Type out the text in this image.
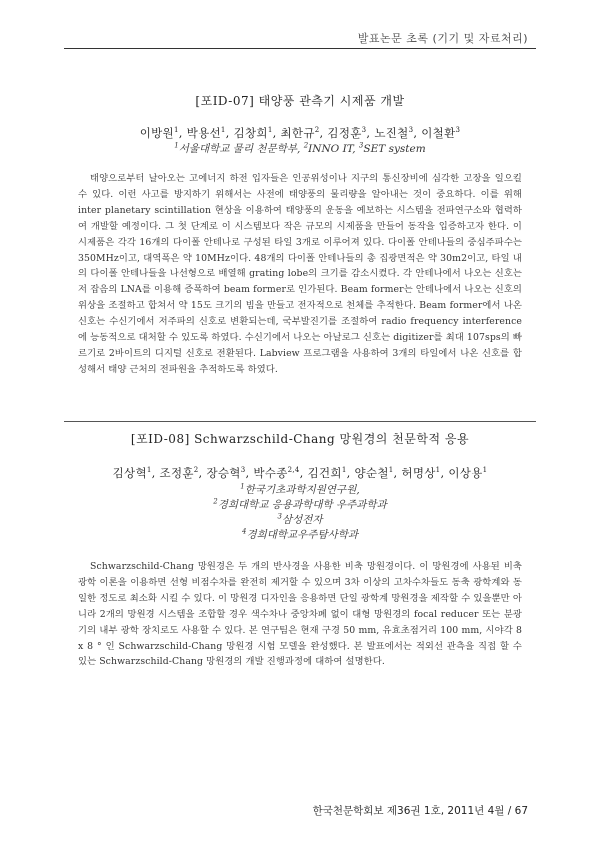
발표논문 초록 (기기 및 자료처리)
[포ID-07] 태양풍 관측기 시제품 개발
이방원$^1$, 박용선$^1$, 김창희$^1$, 최한규$^2$, 김정훈$^3$, 노진철$^3$, 이철환$^3$
$^1$서울대학교 물리 천문학부, $^2$INNO IT, $^3$SET system
태양으로부터 날아오는 고에너지 하전 입자들은 인공위성이나 지구의 통신장비에 심각한 고장을 일으킬 수 있다. 이런 사고를 방지하기 위해서는 사전에 태양풍의 물리량을 알아내는 것이 중요하다. 이를 위해 inter planetary scintillation 현상을 이용하여 태양풍의 운동을 예보하는 시스템을 전파연구소와 협력하여 개발할 예정이다. 그 첫 단계로 이 시스템보다 작은 규모의 시제품을 만들어 동작을 입증하고자 한다. 이 시제품은 각각 16개의 다이폴 안테나로 구성된 타일 3개로 이루어져 있다. 다이폴 안테나들의 중심주파수는 350MHz이고, 대역폭은 약 10MHz이다. 48개의 다이폴 안테나들의 총 집광면적은 약 30m2이고, 타일 내의 다이폴 안테나들을 나선형으로 배열해 grating lobe의 크기를 감소시켰다. 각 안테나에서 나오는 신호는 저 잡음의 LNA를 이용해 증폭하여 beam former로 인가된다. Beam former는 안테나에서 나오는 신호의 위상을 조절하고 합쳐서 약 15도 크기의 빔을 만들고 전자적으로 천체를 추적한다. Beam former에서 나온 신호는 수신기에서 저주파의 신호로 변환되는데, 국부발진기를 조절하여 radio frequency interference에 능동적으로 대처할 수 있도록 하였다. 수신기에서 나오는 아날로그 신호는 digitizer를 최대 107sps의 빠르기로 2바이트의 디지털 신호로 전환된다. Labview 프로그램을 사용하여 3개의 타일에서 나온 신호를 합성해서 태양 근처의 전파원을 추적하도록 하였다.
[포ID-08] Schwarzschild-Chang 망원경의 천문학적 응용
김상혁$^1$, 조정훈$^2$, 장승혁$^3$, 박수종$^{2,4}$, 김건희$^1$, 양순철$^1$, 허명상$^1$, 이상용$^1$
$^1$한국기초과학지원연구원,
$^2$경희대학교 응용과학대학 우주과학과
$^3$삼성전자
$^4$경희대학교우주탐사학과
Schwarzschild-Chang 망원경은 두 개의 반사경을 사용한 비축 망원경이다. 이 망원경에 사용된 비축 광학 이론을 이용하면 선형 비점수차를 완전히 제거할 수 있으며 3차 이상의 고차수차들도 동축 광학계와 동일한 정도로 최소화 시킬 수 있다. 이 망원경 디자인을 응용하면 단일 광학계 망원경을 제작할 수 있을뿐만 아니라 2개의 망원경 시스템을 조합할 경우 색수차나 중앙차폐 없이 대형 망원경의 focal reducer 또는 분광기의 내부 광학 장치로도 사용할 수 있다. 본 연구팀은 현재 구경 50 mm, 유효초점거리 100 mm, 시야각 8 x 8 ° 인 Schwarzschild-Chang 망원경 시험 모델을 완성했다. 본 발표에서는 적외선 관측을 직접 할 수 있는 Schwarzschild-Chang 망원경의 개발 진행과정에 대하여 설명한다.
한국천문학회보 제36권 1호, 2011년 4월 / 67
